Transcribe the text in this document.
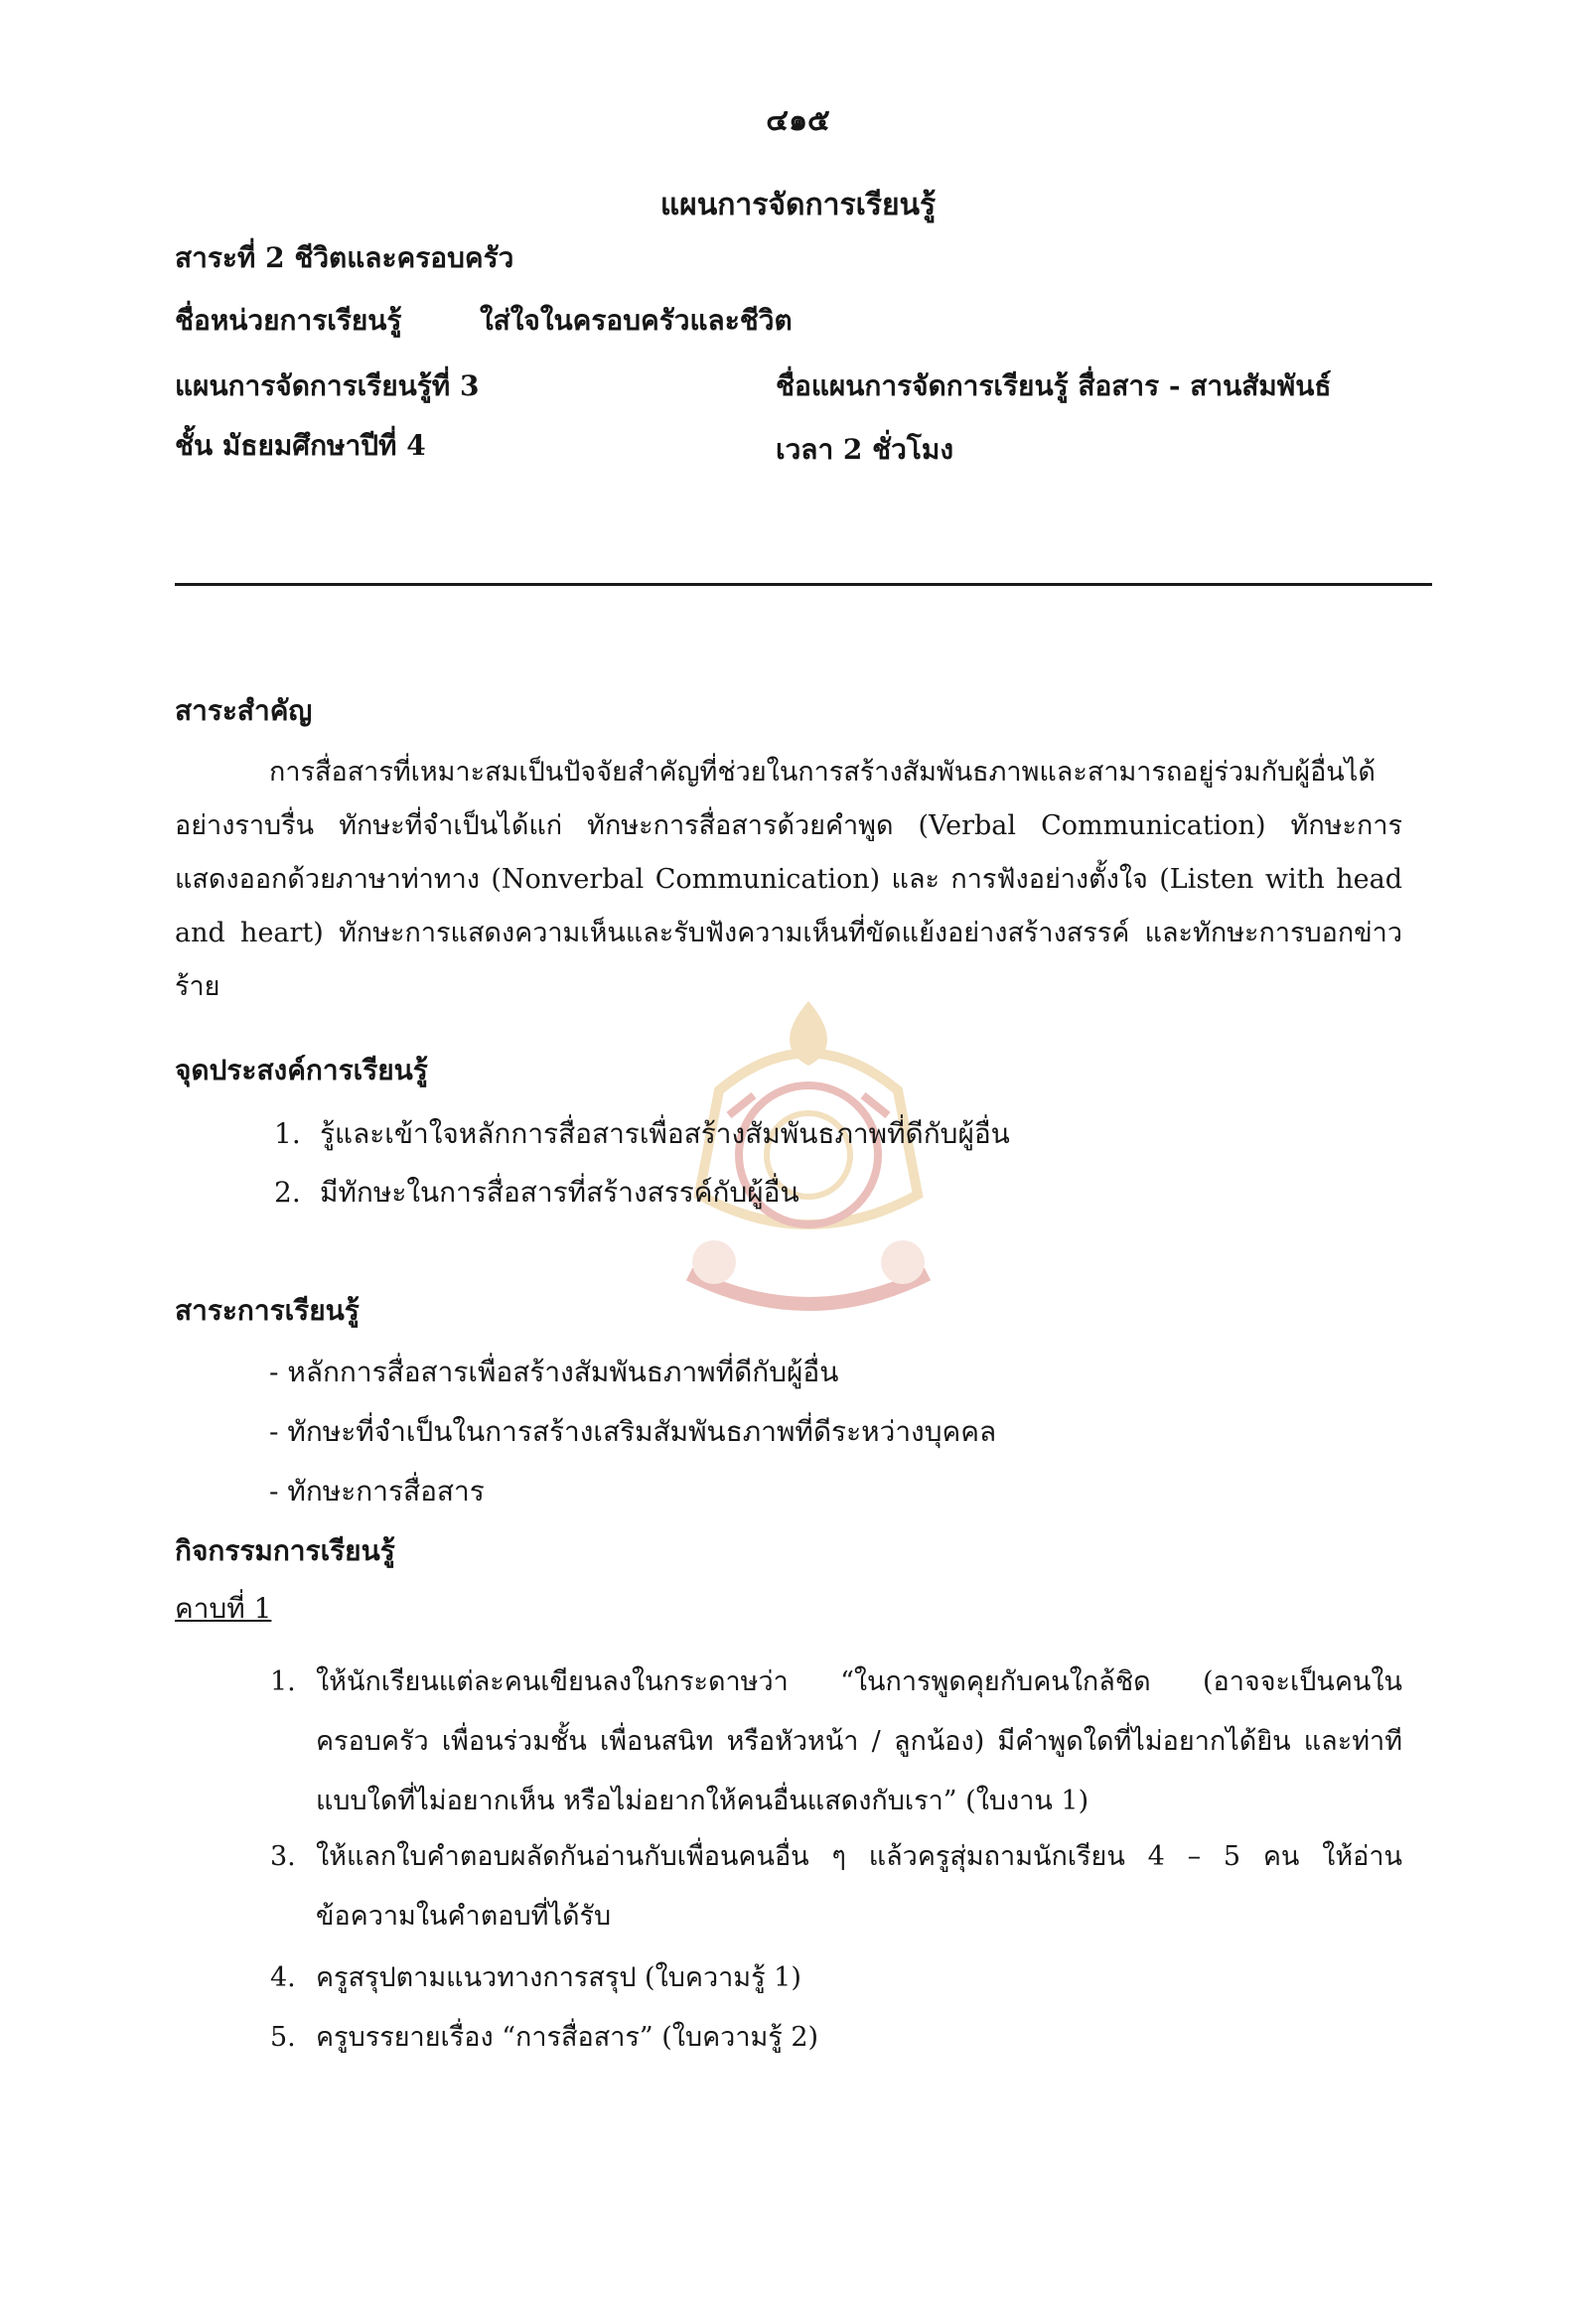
๔๑๕
แผนการจัดการเรียนรู้
สาระที่ 2 ชีวิตและครอบครัว
ชื่อหน่วยการเรียนรู้	ใส่ใจในครอบครัวและชีวิต
แผนการจัดการเรียนรู้ที่ 3	ชื่อแผนการจัดการเรียนรู้ สื่อสาร - สานสัมพันธ์
ชั้น มัธยมศึกษาปีที่ 4	เวลา 2 ชั่วโมง
สาระสำคัญ
การสื่อสารที่เหมาะสมเป็นปัจจัยสำคัญที่ช่วยในการสร้างสัมพันธภาพและสามารถอยู่ร่วมกับผู้อื่นได้อย่างราบรื่น ทักษะที่จำเป็นได้แก่ ทักษะการสื่อสารด้วยคำพูด (Verbal Communication) ทักษะการแสดงออกด้วยภาษาท่าทาง (Nonverbal Communication) และ การฟังอย่างตั้งใจ (Listen with head and heart) ทักษะการแสดงความเห็นและรับฟังความเห็นที่ขัดแย้งอย่างสร้างสรรค์ และทักษะการบอกข่าวร้าย
จุดประสงค์การเรียนรู้
1. รู้และเข้าใจหลักการสื่อสารเพื่อสร้างสัมพันธภาพที่ดีกับผู้อื่น
2. มีทักษะในการสื่อสารที่สร้างสรรค์กับผู้อื่น
สาระการเรียนรู้
- หลักการสื่อสารเพื่อสร้างสัมพันธภาพที่ดีกับผู้อื่น
- ทักษะที่จำเป็นในการสร้างเสริมสัมพันธภาพที่ดีระหว่างบุคคล
- ทักษะการสื่อสาร
กิจกรรมการเรียนรู้
คาบที่ 1
1. ให้นักเรียนแต่ละคนเขียนลงในกระดาษว่า “ในการพูดคุยกับคนใกล้ชิด (อาจจะเป็นคนในครอบครัว เพื่อนร่วมชั้น เพื่อนสนิท หรือหัวหน้า / ลูกน้อง) มีคำพูดใดที่ไม่อยากได้ยิน และท่าทีแบบใดที่ไม่อยากเห็น หรือไม่อยากให้คนอื่นแสดงกับเรา” (ใบงาน 1)
3. ให้แลกใบคำตอบผลัดกันอ่านกับเพื่อนคนอื่น ๆ แล้วครูสุ่มถามนักเรียน 4 – 5 คน ให้อ่านข้อความในคำตอบที่ได้รับ
4. ครูสรุปตามแนวทางการสรุป (ใบความรู้ 1)
5. ครูบรรยายเรื่อง “การสื่อสาร” (ใบความรู้ 2)
